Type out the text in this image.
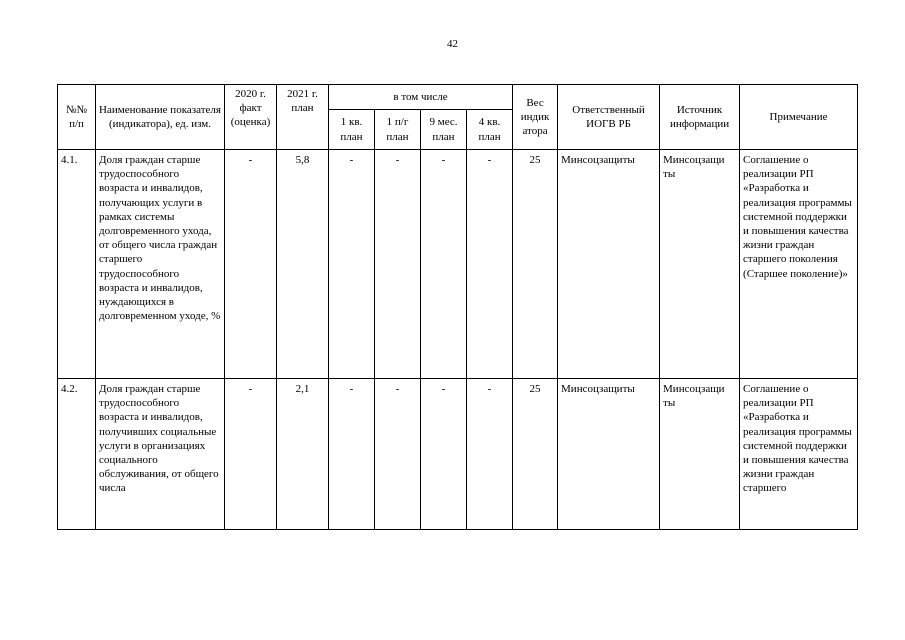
42
№№ п/п	Наименование показателя (индикатора), ед. изм.	2020 г. факт (оценка)	2021 г. план	в том числе				Вес индик атора	Ответственный ИОГВ РБ	Источник информации	Примечание
				1 кв. план	1 п/г план	9 мес. план	4 кв. план				
4.1.	Доля граждан старше трудоспособного возраста и инвалидов, получающих услуги в рамках системы долговременного ухода, от общего числа граждан старшего трудоспособного возраста и инвалидов, нуждающихся в долговременном уходе, %	-	5,8	-	-	-	-	25	Минсоцзащиты	Минсоцзащи ты	Соглашение о реализации РП «Разработка и реализация программы системной поддержки и повышения качества жизни граждан старшего поколения (Старшее поколение)»
4.2.	Доля граждан старше трудоспособного возраста и инвалидов, получивших социальные услуги в организациях социального обслуживания, от общего числа	-	2,1	-	-	-	-	25	Минсоцзащиты	Минсоцзащи ты	Соглашение о реализации РП «Разработка и реализация программы системной поддержки и повышения качества жизни граждан старшего
